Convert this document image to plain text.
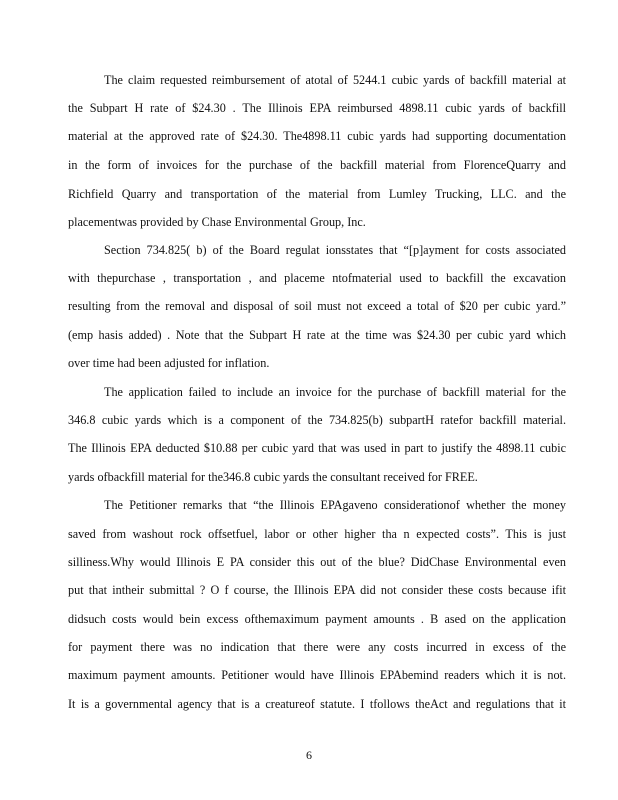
The claim requested reimbursement of atotal of 5244.1 cubic yards of backfill material at
the Subpart H rate of $24.30 . The Illinois EPA reimbursed 4898.11 cubic yards of backfill
material at the approved rate of $24.30. The4898.11 cubic yards had supporting documentation
in the form of invoices for the purchase of the backfill material from FlorenceQuarry and
Richfield Quarry and transportation of the material from Lumley Trucking, LLC. and the
placementwas provided by Chase Environmental Group, Inc.
Section 734.825( b) of the Board regulat ionsstates that “[p]ayment for costs associated
with thepurchase , transportation , and placeme ntofmaterial used to backfill the excavation
resulting from the removal and disposal of soil must not exceed a total of $20 per cubic yard.”
(emp hasis added) . Note that the Subpart H rate at the time was $24.30 per cubic yard which
over time had been adjusted for inflation.
The application failed to include an invoice for the purchase of backfill material for the
346.8 cubic yards which is a component of the 734.825(b) subpartH ratefor backfill material.
The Illinois EPA deducted $10.88 per cubic yard that was used in part to justify the 4898.11 cubic
yards ofbackfill material for the346.8 cubic yards the consultant received for FREE.
The Petitioner remarks that “the Illinois EPAgaveno considerationof whether the money
saved from washout rock offsetfuel, labor or other higher tha n expected costs”. This is just
silliness.Why would Illinois E PA consider this out of the blue? DidChase Environmental even
put that intheir submittal ? O f course, the Illinois EPA did not consider these costs because ifit
didsuch costs would bein excess ofthemaximum payment amounts . B ased on the application
for payment there was no indication that there were any costs incurred in excess of the
maximum payment amounts. Petitioner would have Illinois EPAbemind readers which it is not.
It is a governmental agency that is a creatureof statute. I tfollows theAct and regulations that it
6
